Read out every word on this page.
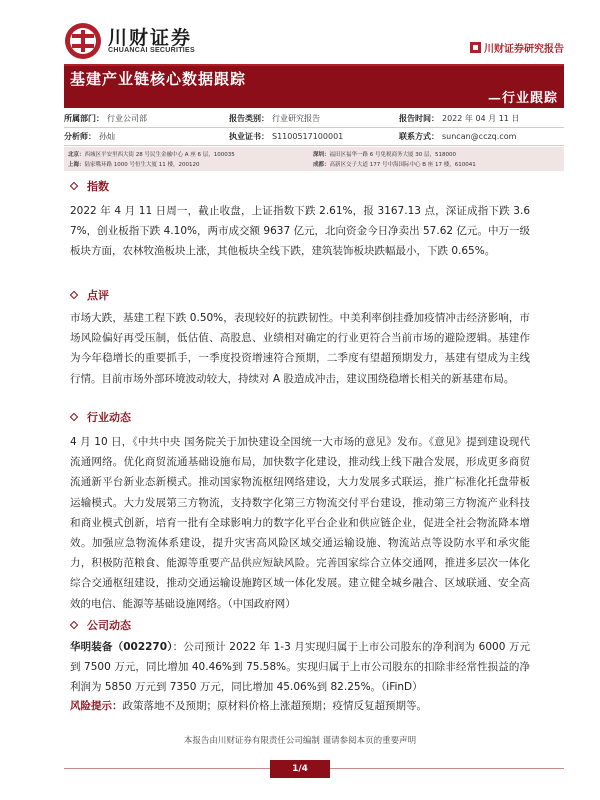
川财证券
CHUANCAI SECURITIES	川财证券研究报告
基建产业链核心数据跟踪
—行业跟踪
所属部门： 行业公司部	报告类别： 行业研究报告	报告时间： 2022 年 04 月 11 日
分析师： 孙灿	执业证书： S1100517100001	联系方式： suncan@cczq.com
北京：西城区平安里西大街 28 号民生金融中心 A 座 6 层，100035	深圳：福田区福华一路 6 号免税商务大厦 30 层，518000
上海：陆家嘴环路 1000 号恒生大厦 11 楼，200120	成都：高新区交子大道 177 号中海国际中心 B 座 17 楼，610041
指数
2022 年 4 月 11 日周一，截止收盘，上证指数下跌 2.61%，报 3167.13 点，深证成指下跌 3.67%，创业板指下跌 4.10%，两市成交额 9637 亿元，北向资金今日净卖出 57.62 亿元。中万一级板块方面，农林牧渔板块上涨，其他板块全线下跌，建筑装饰板块跌幅最小，下跌 0.65%。
点评
市场大跌，基建工程下跌 0.50%，表现较好的抗跌韧性。中美利率倒挂叠加疫情冲击经济影响，市场风险偏好再受压制，低估值、高股息、业绩相对确定的行业更符合当前市场的避险逻辑。基建作为今年稳增长的重要抓手，一季度投资增速符合预期，二季度有望超预期发力，基建有望成为主线行情。目前市场外部环境波动较大，持续对 A 股造成冲击，建议围绕稳增长相关的新基建布局。
行业动态
4 月 10 日，《中共中央 国务院关于加快建设全国统一大市场的意见》发布。《意见》提到建设现代流通网络。优化商贸流通基础设施布局，加快数字化建设，推动线上线下融合发展，形成更多商贸流通新平台新业态新模式。推动国家物流枢纽网络建设，大力发展多式联运，推广标准化托盘带板运输模式。大力发展第三方物流，支持数字化第三方物流交付平台建设，推动第三方物流产业科技和商业模式创新，培育一批有全球影响力的数字化平台企业和供应链企业，促进全社会物流降本增效。加强应急物流体系建设，提升灾害高风险区域交通运输设施、物流站点等设防水平和承灾能力，积极防范粮食、能源等重要产品供应短缺风险。完善国家综合立体交通网，推进多层次一体化综合交通枢纽建设，推动交通运输设施跨区域一体化发展。建立健全城乡融合、区域联通、安全高效的电信、能源等基础设施网络。（中国政府网）
公司动态
华明装备（002270）：公司预计 2022 年 1-3 月实现归属于上市公司股东的净利润为 6000 万元到 7500 万元，同比增加 40.46%到 75.58%。实现归属于上市公司股东的扣除非经常性损益的净利润为 5850 万元到 7350 万元，同比增加 45.06%到 82.25%。（iFinD）
风险提示：政策落地不及预期；原材料价格上涨超预期；疫情反复超预期等。
本报告由川财证券有限责任公司编制 谨请参阅本页的重要声明
1/4
